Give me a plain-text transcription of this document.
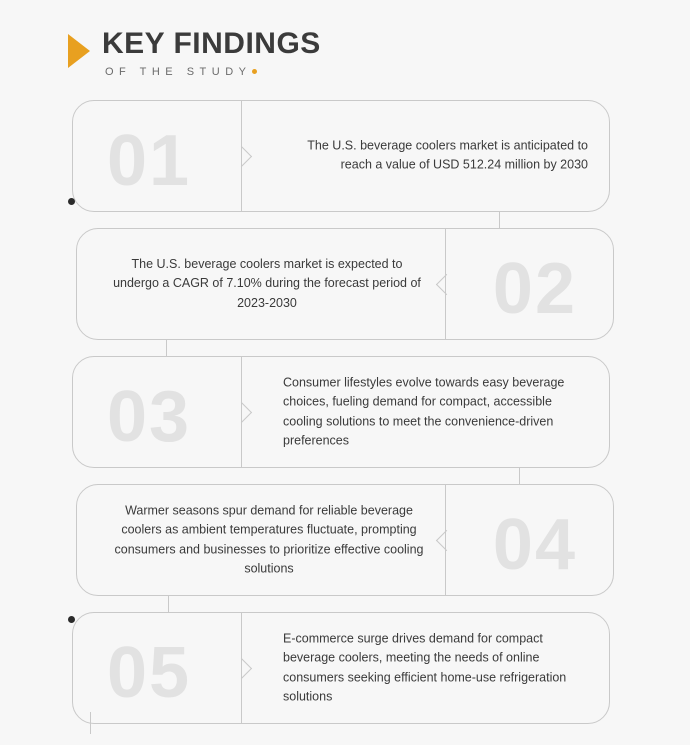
KEY FINDINGS
OF THE STUDY
01	The U.S. beverage coolers market is anticipated to reach a value of USD 512.24 million by 2030
02
The U.S. beverage coolers market is expected to undergo a CAGR of 7.10% during the forecast period of 2023-2030
03	Consumer lifestyles evolve towards easy beverage choices, fueling demand for compact, accessible cooling solutions to meet the convenience-driven preferences
04
Warmer seasons spur demand for reliable beverage coolers as ambient temperatures fluctuate, prompting consumers and businesses to prioritize effective cooling solutions
05	E-commerce surge drives demand for compact beverage coolers, meeting the needs of online consumers seeking efficient home-use refrigeration solutions
